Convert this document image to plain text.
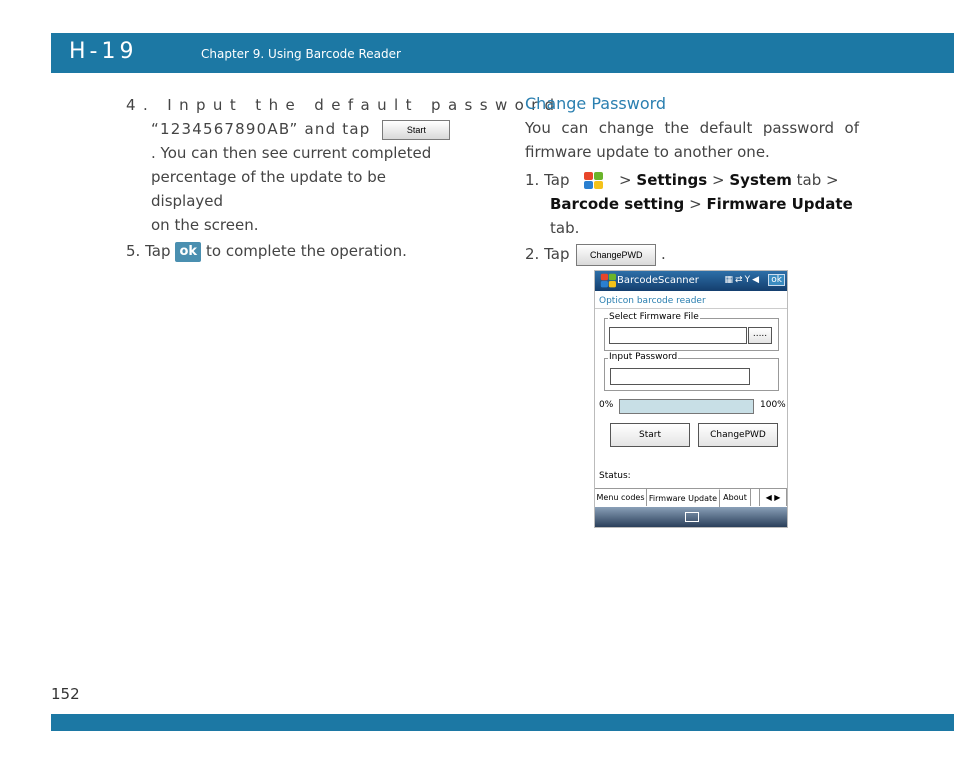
H-19	Chapter 9. Using Barcode Reader
4. Input the default password
“1234567890AB” and tap	Start
. You can then see current completed
percentage of the update to be displayed
on the screen.
5. Tap ok to complete the operation.
Change Password
You can change the default password of firmware update to another one.
1. Tap	> Settings > System tab >
Barcode setting > Firmware Update
tab.
2. Tap ChangePWD .
BarcodeScanner	▦⇄Y◀	ok
Opticon barcode reader
Select Firmware File
.....
Input Password
0%	100%
Start	ChangePWD
Status:
Menu codes Firmware Update About	◀ ▶
152
